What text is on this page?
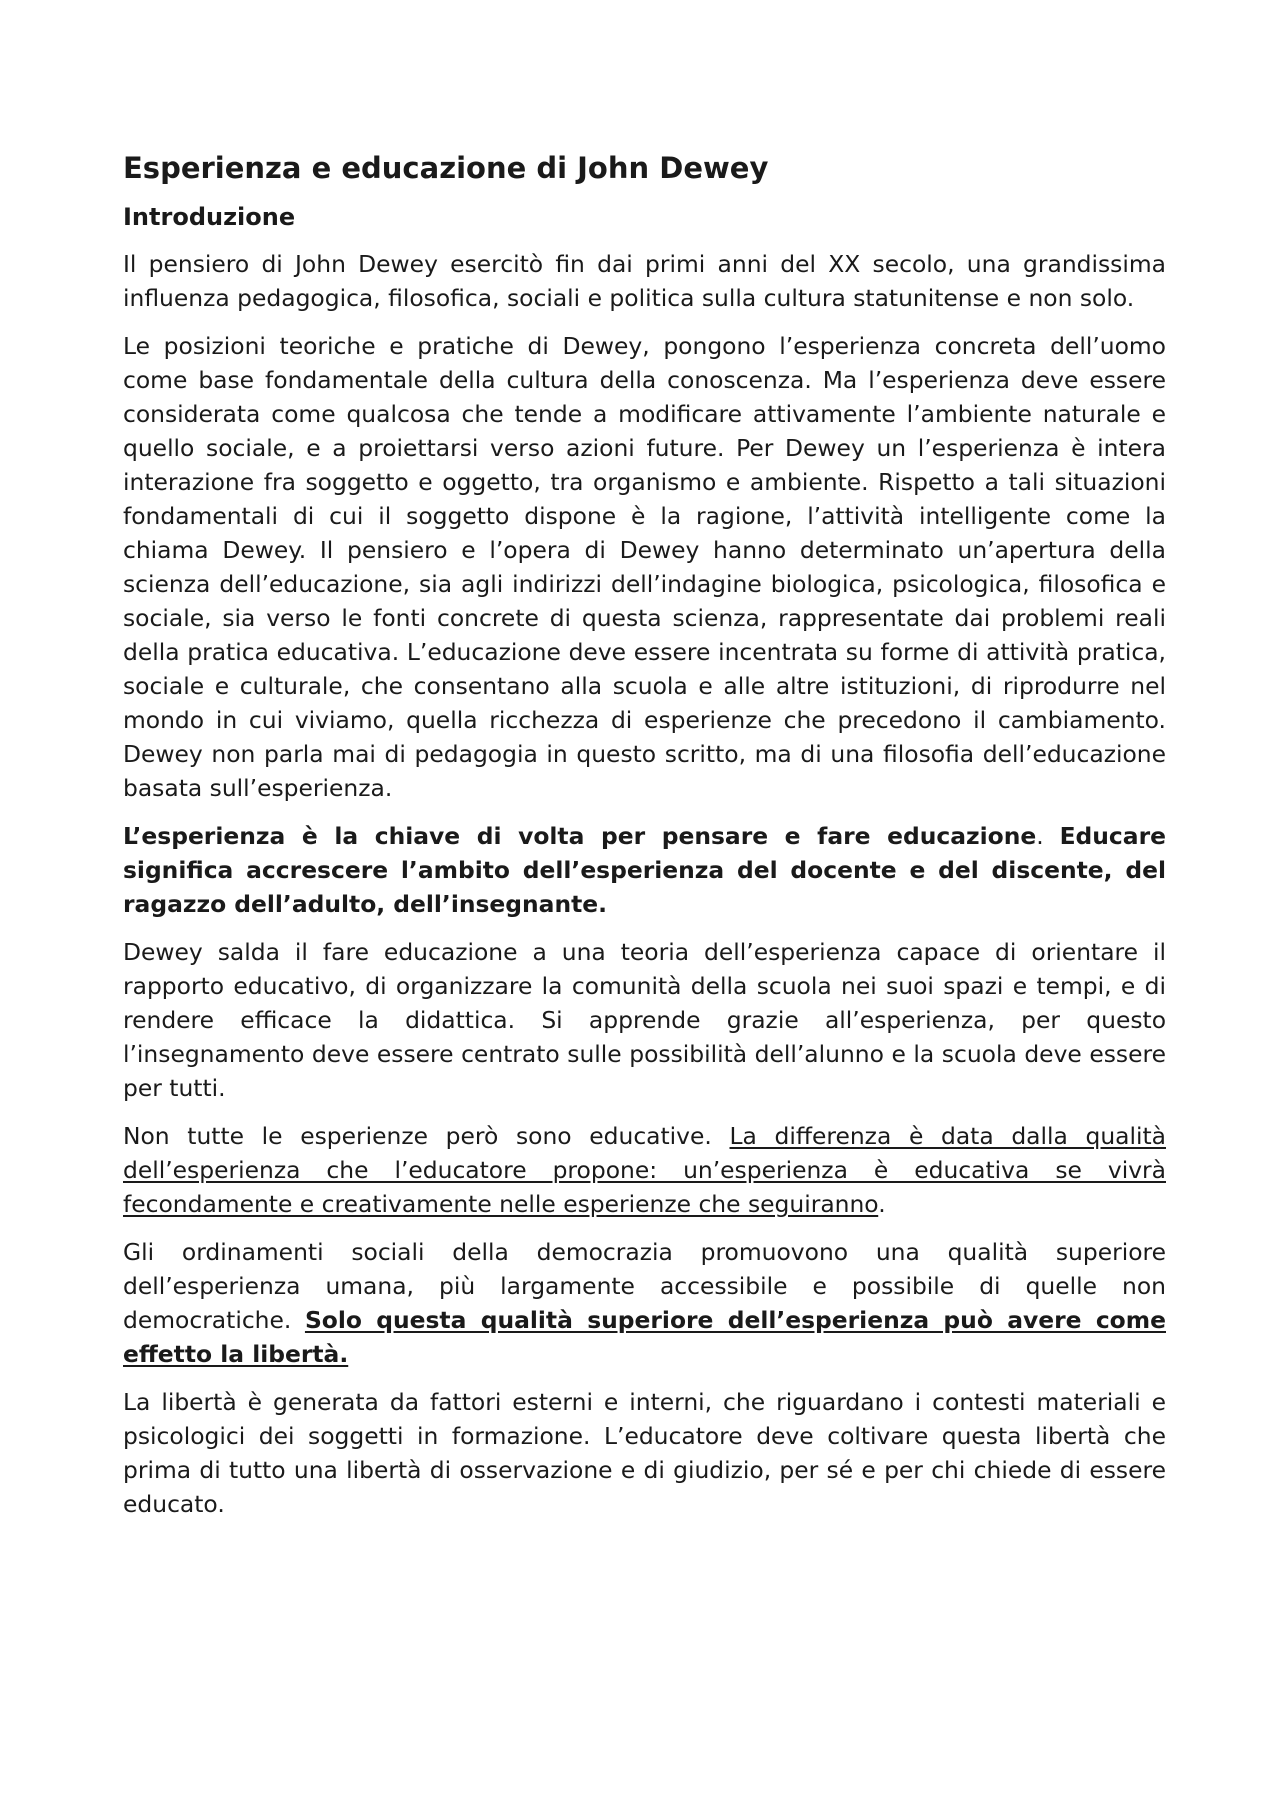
Esperienza e educazione di John Dewey
Introduzione

Il pensiero di John Dewey esercitò fin dai primi anni del XX secolo, una grandissima influenza pedagogica, filosofica, sociali e politica sulla cultura statunitense e non solo.

Le posizioni teoriche e pratiche di Dewey, pongono l’esperienza concreta dell’uomo come base fondamentale della cultura della conoscenza. Ma l’esperienza deve essere considerata come qualcosa che tende a modificare attivamente l’ambiente naturale e quello sociale, e a proiettarsi verso azioni future. Per Dewey un l’esperienza è intera interazione fra soggetto e oggetto, tra organismo e ambiente. Rispetto a tali situazioni fondamentali di cui il soggetto dispone è la ragione, l’attività intelligente come la chiama Dewey. Il pensiero e l’opera di Dewey hanno determinato un’apertura della scienza dell’educazione, sia agli indirizzi dell’indagine biologica, psicologica, filosofica e sociale, sia verso le fonti concrete di questa scienza, rappresentate dai problemi reali della pratica educativa. L’educazione deve essere incentrata su forme di attività pratica, sociale e culturale, che consentano alla scuola e alle altre istituzioni, di riprodurre nel mondo in cui viviamo, quella ricchezza di esperienze che precedono il cambiamento. Dewey non parla mai di pedagogia in questo scritto, ma di una filosofia dell’educazione basata sull’esperienza.

L’esperienza è la chiave di volta per pensare e fare educazione. Educare significa accrescere l’ambito dell’esperienza del docente e del discente, del ragazzo dell’adulto, dell’insegnante.

Dewey salda il fare educazione a una teoria dell’esperienza capace di orientare il rapporto educativo, di organizzare la comunità della scuola nei suoi spazi e tempi, e di rendere efficace la didattica. Si apprende grazie all’esperienza, per questo l’insegnamento deve essere centrato sulle possibilità dell’alunno e la scuola deve essere per tutti.

Non tutte le esperienze però sono educative. La differenza è data dalla qualità dell’esperienza che l’educatore propone: un’esperienza è educativa se vivrà fecondamente e creativamente nelle esperienze che seguiranno.

Gli ordinamenti sociali della democrazia promuovono una qualità superiore dell’esperienza umana, più largamente accessibile e possibile di quelle non democratiche. Solo questa qualità superiore dell’esperienza può avere come effetto la libertà.

La libertà è generata da fattori esterni e interni, che riguardano i contesti materiali e psicologici dei soggetti in formazione. L’educatore deve coltivare questa libertà che prima di tutto una libertà di osservazione e di giudizio, per sé e per chi chiede di essere educato.
